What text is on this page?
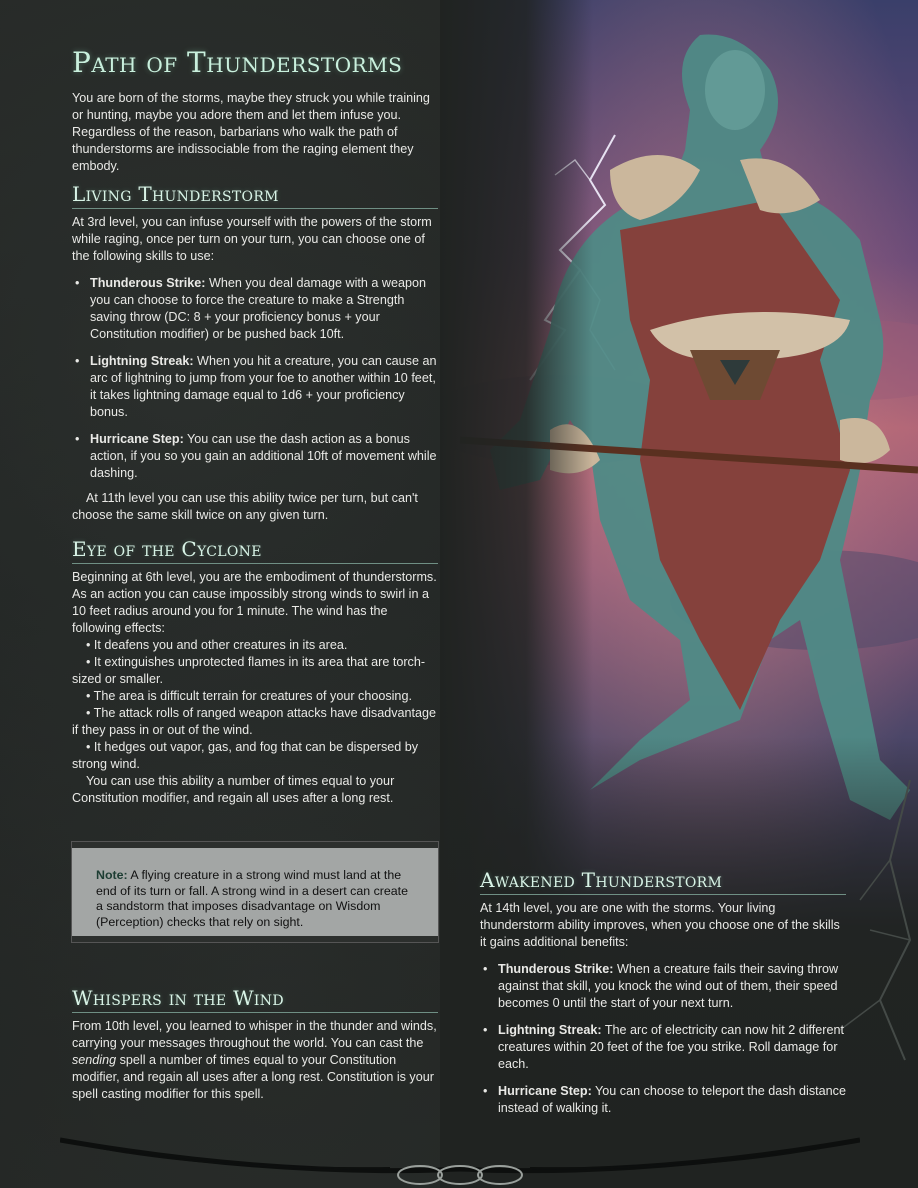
Path of Thunderstorms

You are born of the storms, maybe they struck you while training or hunting, maybe you adore them and let them infuse you. Regardless of the reason, barbarians who walk the path of thunderstorms are indissociable from the raging element they embody.

Living Thunderstorm

At 3rd level, you can infuse yourself with the powers of the storm while raging, once per turn on your turn, you can choose one of the following skills to use:

• Thunderous Strike: When you deal damage with a weapon you can choose to force the creature to make a Strength saving throw (DC: 8 + your proficiency bonus + your Constitution modifier) or be pushed back 10ft.
• Lightning Streak: When you hit a creature, you can cause an arc of lightning to jump from your foe to another within 10 feet, it takes lightning damage equal to 1d6 + your proficiency bonus.
• Hurricane Step: You can use the dash action as a bonus action, if you so you gain an additional 10ft of movement while dashing.

At 11th level you can use this ability twice per turn, but can't choose the same skill twice on any given turn.

Eye of the Cyclone

Beginning at 6th level, you are the embodiment of thunderstorms. As an action you can cause impossibly strong winds to swirl in a 10 feet radius around you for 1 minute. The wind has the following effects:

• It deafens you and other creatures in its area.

• It extinguishes unprotected flames in its area that are torch-sized or smaller.

• The area is difficult terrain for creatures of your choosing.

• The attack rolls of ranged weapon attacks have disadvantage if they pass in or out of the wind.

• It hedges out vapor, gas, and fog that can be dispersed by strong wind.

You can use this ability a number of times equal to your Constitution modifier, and regain all uses after a long rest.

Note: A flying creature in a strong wind must land at the end of its turn or fall. A strong wind in a desert can create a sandstorm that imposes disadvantage on Wisdom (Perception) checks that rely on sight.

Whispers in the Wind

From 10th level, you learned to whisper in the thunder and winds, carrying your messages throughout the world. You can cast the sending spell a number of times equal to your Constitution modifier, and regain all uses after a long rest. Constitution is your spell casting modifier for this spell.

Awakened Thunderstorm

At 14th level, you are one with the storms. Your living thunderstorm ability improves, when you choose one of the skills it gains additional benefits:

• Thunderous Strike: When a creature fails their saving throw against that skill, you knock the wind out of them, their speed becomes 0 until the start of your next turn.
• Lightning Streak: The arc of electricity can now hit 2 different creatures within 20 feet of the foe you strike. Roll damage for each.
• Hurricane Step: You can choose to teleport the dash distance instead of walking it.
